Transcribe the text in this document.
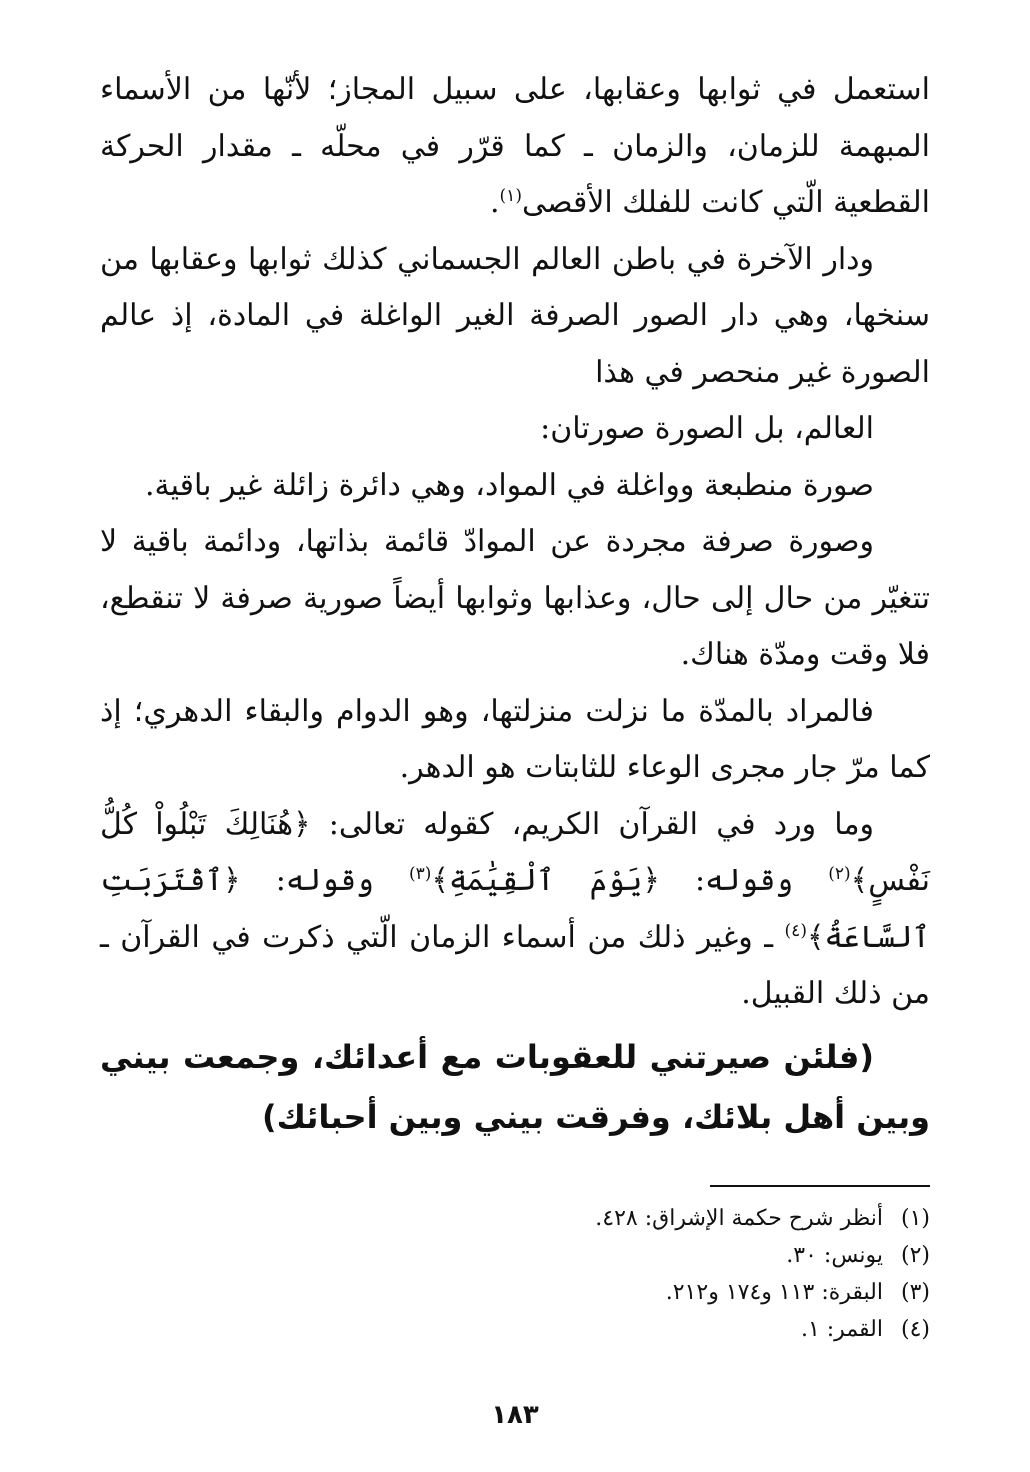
استعمل في ثوابها وعقابها، على سبيل المجاز؛ لأنّها من الأسماء المبهمة للزمان، والزمان ـ كما قرّر في محلّه ـ مقدار الحركة القطعية الّتي كانت للفلك الأقصى$^{(١)}$.

ودار الآخرة في باطن العالم الجسماني كذلك ثوابها وعقابها من سنخها، وهي دار الصور الصرفة الغير الواغلة في المادة، إذ عالم الصورة غير منحصر في هذا

العالم، بل الصورة صورتان:

صورة منطبعة وواغلة في المواد، وهي دائرة زائلة غير باقية.

وصورة صرفة مجردة عن الموادّ قائمة بذاتها، ودائمة باقية لا تتغيّر من حال إلى حال، وعذابها وثوابها أيضاً صورية صرفة لا تنقطع، فلا وقت ومدّة هناك.

فالمراد بالمدّة ما نزلت منزلتها، وهو الدوام والبقاء الدهري؛ إذ كما مرّ جار مجرى الوعاء للثابتات هو الدهر.

وما ورد في القرآن الكريم، كقوله تعالى: ﴿هُنَالِكَ تَبْلُواْ كُلُّ نَفْسٍ﴾$^{(٢)}$ وقوله: ﴿يَوْمَ ٱلْقِيَٰمَةِ﴾$^{(٣)}$ وقوله: ﴿ٱقْتَرَبَتِ ٱلسَّاعَةُ﴾$^{(٤)}$ ـ وغير ذلك من أسماء الزمان الّتي ذكرت في القرآن ـ من ذلك القبيل.

(فلئن صيرتني للعقوبات مع أعدائك، وجمعت بيني وبين أهل بلائك، وفرقت بيني وبين أحبائك)

(١) أنظر شرح حكمة الإشراق: ٤٢٨.
(٢) يونس: ٣٠.
(٣) البقرة: ١١٣ و١٧٤ و٢١٢.
(٤) القمر: ١.
١٨٣
